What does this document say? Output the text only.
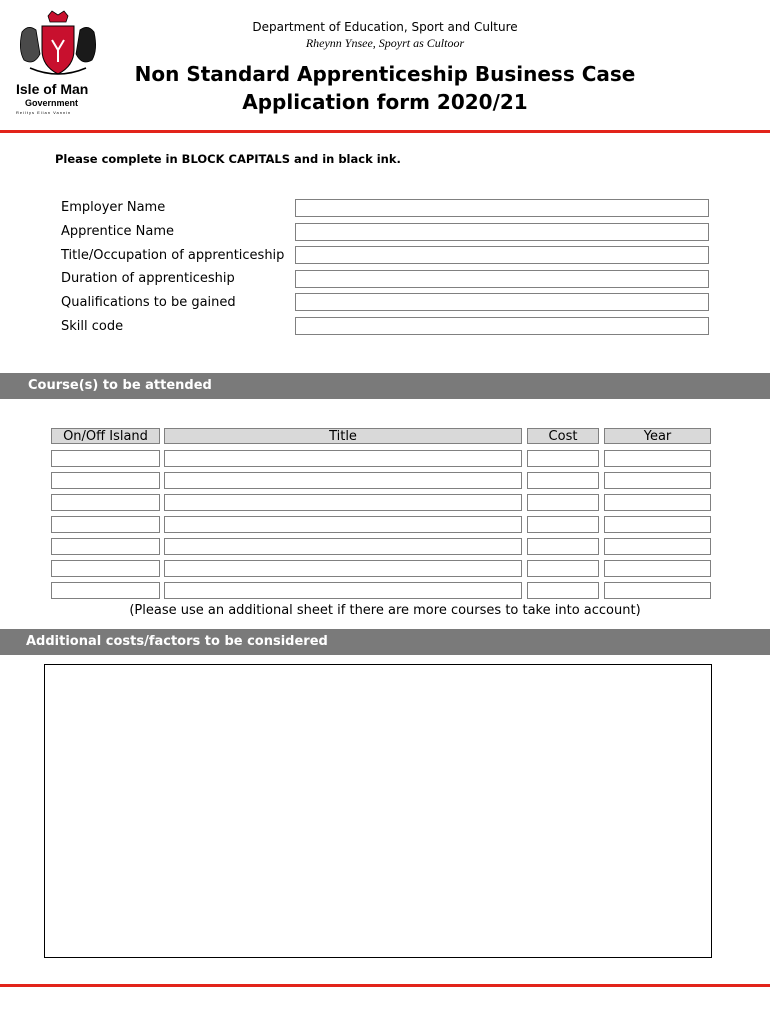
Isle of Man
Government
Reiltys Ellan Vannin
Department of Education, Sport and Culture
Rheynn Ynsee, Spoyrt as Cultoor
Non Standard Apprenticeship Business Case
Application form 2020/21
Please complete in BLOCK CAPITALS and in black ink.
Employer Name
Apprentice Name
Title/Occupation of apprenticeship
Duration of apprenticeship
Qualifications to be gained
Skill code
Course(s) to be attended
On/Off Island	Title	Cost	Year
(Please use an additional sheet if there are more courses to take into account)
Additional costs/factors to be considered
